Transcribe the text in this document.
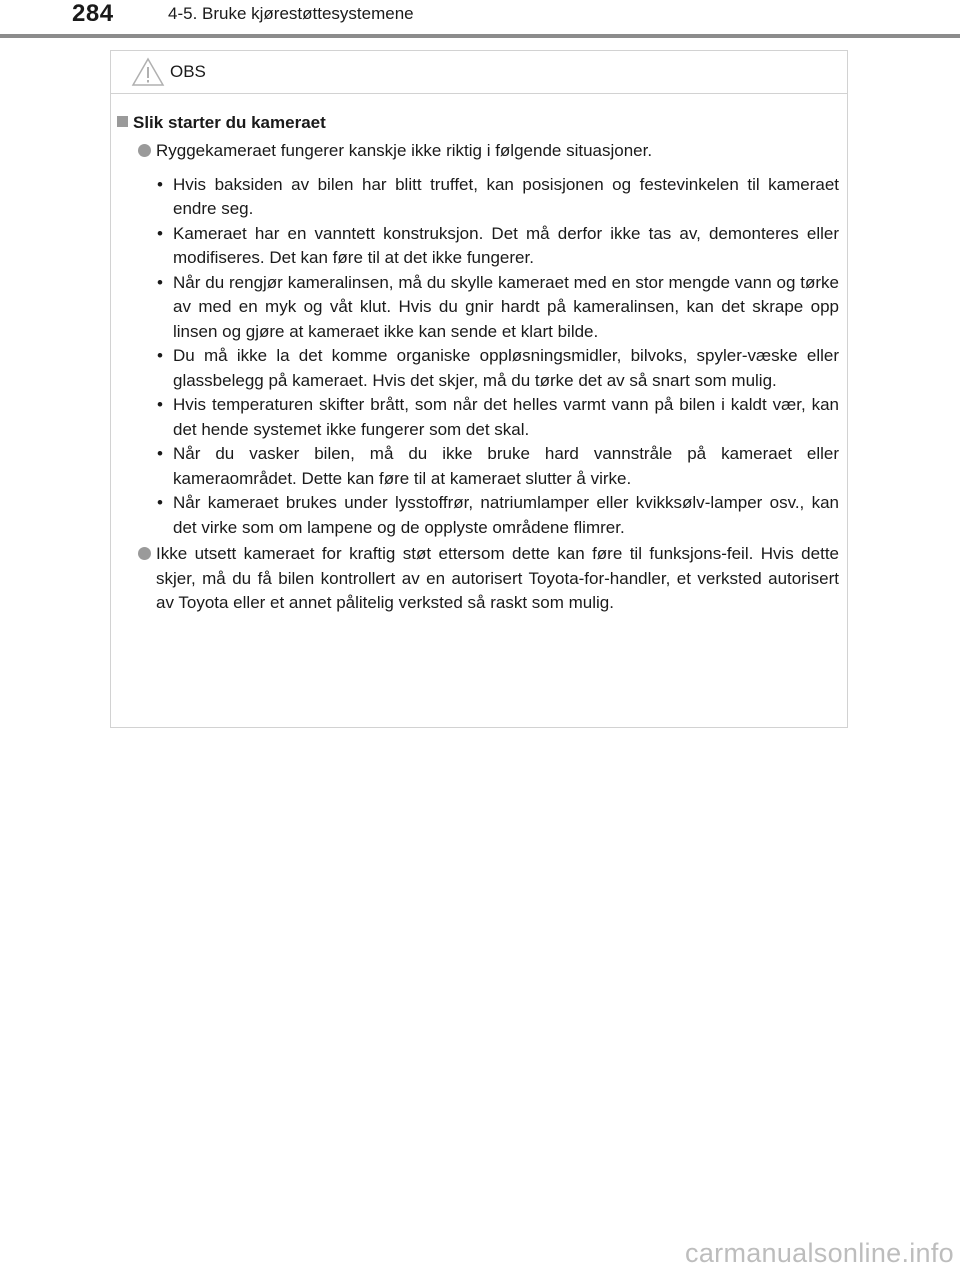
284	4-5. Bruke kjørestøttesystemene
OBS
Slik starter du kameraet
Ryggekameraet fungerer kanskje ikke riktig i følgende situasjoner.
• Hvis baksiden av bilen har blitt truffet, kan posisjonen og festevinkelen til kameraet endre seg.
• Kameraet har en vanntett konstruksjon. Det må derfor ikke tas av, demonteres eller modifiseres. Det kan føre til at det ikke fungerer.
• Når du rengjør kameralinsen, må du skylle kameraet med en stor mengde vann og tørke av med en myk og våt klut. Hvis du gnir hardt på kameralinsen, kan det skrape opp linsen og gjøre at kameraet ikke kan sende et klart bilde.
• Du må ikke la det komme organiske oppløsningsmidler, bilvoks, spyler-væske eller glassbelegg på kameraet. Hvis det skjer, må du tørke det av så snart som mulig.
• Hvis temperaturen skifter brått, som når det helles varmt vann på bilen i kaldt vær, kan det hende systemet ikke fungerer som det skal.
• Når du vasker bilen, må du ikke bruke hard vannstråle på kameraet eller kameraområdet. Dette kan føre til at kameraet slutter å virke.
• Når kameraet brukes under lysstoffrør, natriumlamper eller kvikksølv-lamper osv., kan det virke som om lampene og de opplyste områdene flimrer.
Ikke utsett kameraet for kraftig støt ettersom dette kan føre til funksjons-feil. Hvis dette skjer, må du få bilen kontrollert av en autorisert Toyota-for-handler, et verksted autorisert av Toyota eller et annet pålitelig verksted så raskt som mulig.
carmanualsonline.info
